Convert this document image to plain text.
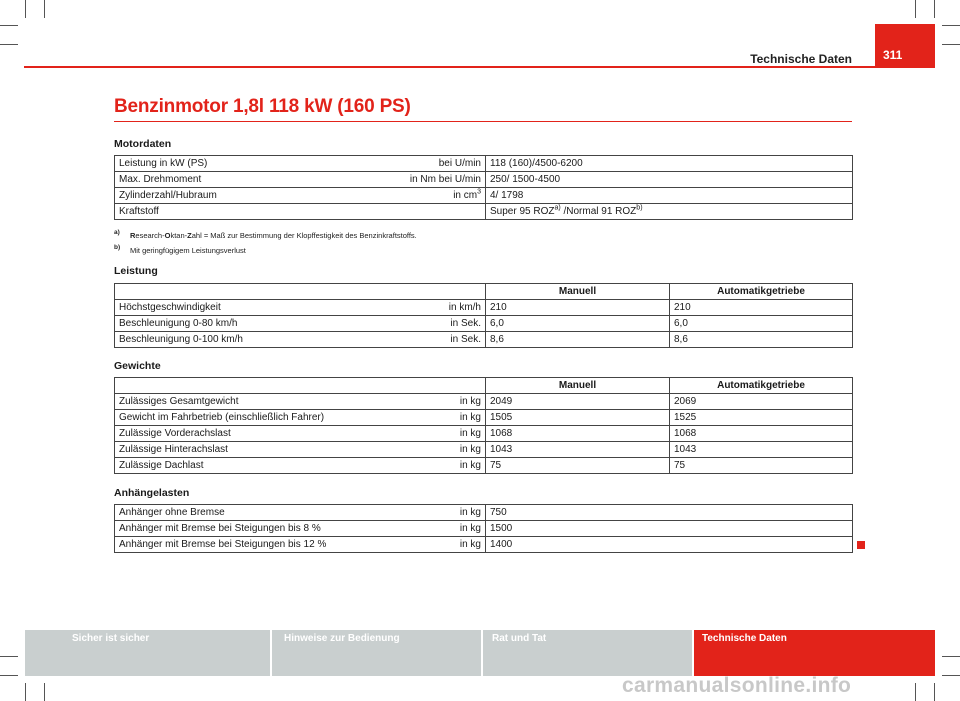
Technische Daten	311
Benzinmotor 1,8l 118 kW (160 PS)
Motordaten
Leistung in kW (PS)	bei U/min	118 (160)/4500-6200
Max. Drehmoment	in Nm bei U/min	250/ 1500-4500
Zylinderzahl/Hubraum	in $cm^3$	4/ 1798
Kraftstoff		Super 95 ROZ$^{a)}$ /Normal 91 ROZ$^{b)}$
a) Research-Oktan-Zahl = Maß zur Bestimmung der Klopffestigkeit des Benzinkraftstoffs.
b) Mit geringfügigem Leistungsverlust
Leistung
		Manuell	Automatikgetriebe
Höchstgeschwindigkeit	in km/h	210	210
Beschleunigung 0-80 km/h	in Sek.	6,0	6,0
Beschleunigung 0-100 km/h	in Sek.	8,6	8,6
Gewichte
		Manuell	Automatikgetriebe
Zulässiges Gesamtgewicht	in kg	2049	2069
Gewicht im Fahrbetrieb (einschließlich Fahrer)	in kg	1505	1525
Zulässige Vorderachslast	in kg	1068	1068
Zulässige Hinterachslast	in kg	1043	1043
Zulässige Dachlast	in kg	75	75
Anhängelasten
Anhänger ohne Bremse	in kg	750
Anhänger mit Bremse bei Steigungen bis 8 %	in kg	1500
Anhänger mit Bremse bei Steigungen bis 12 %	in kg	1400
Sicher ist sicher	Hinweise zur Bedienung	Rat und Tat	Technische Daten
carmanualsonline.info
